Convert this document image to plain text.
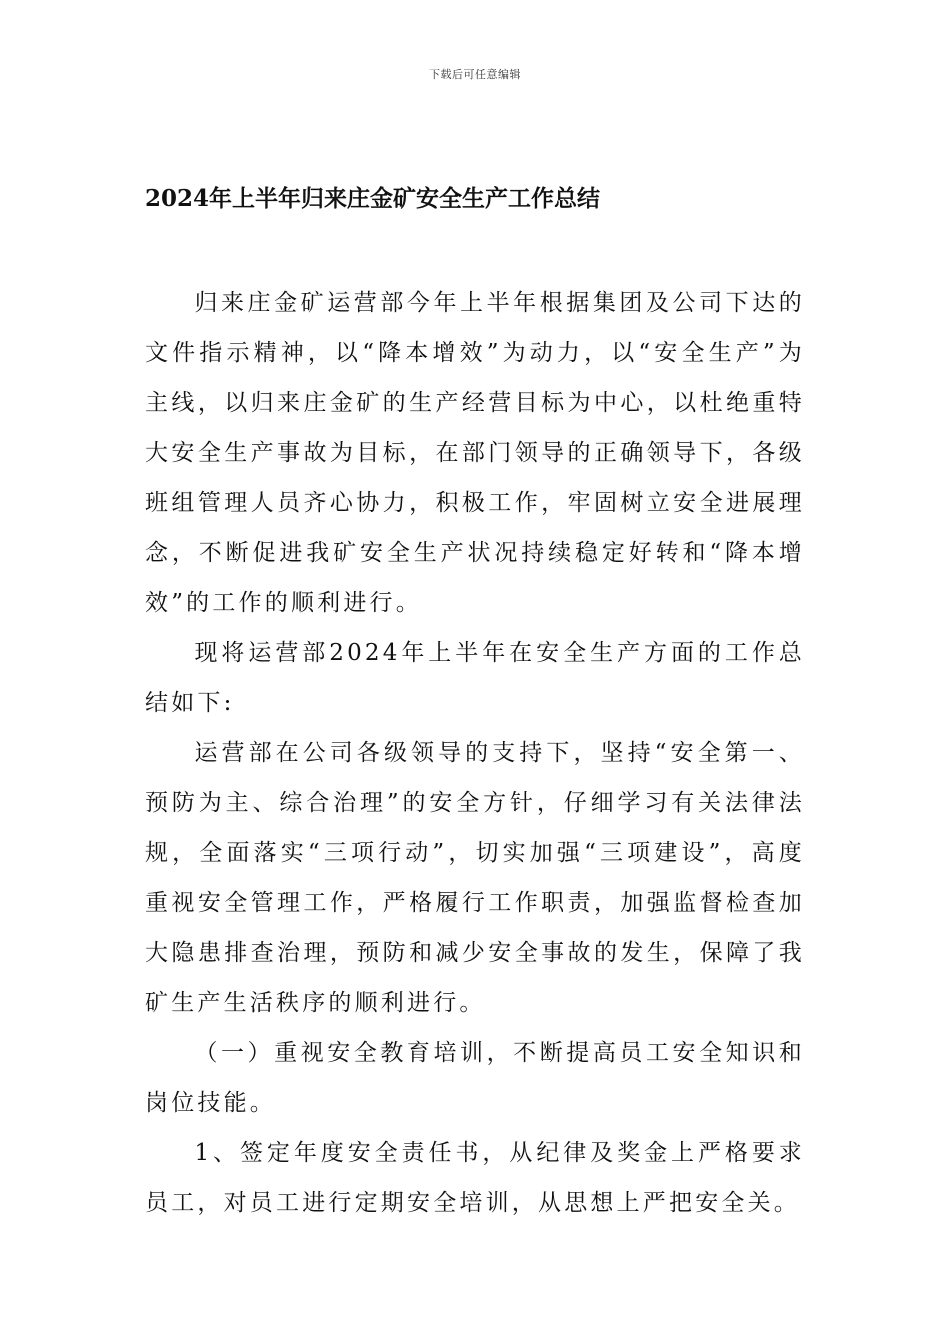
下载后可任意编辑
2024年上半年归来庄金矿安全生产工作总结

归来庄金矿运营部今年上半年根据集团及公司下达的文件指示精神，以“降本增效”为动力，以“安全生产”为主线，以归来庄金矿的生产经营目标为中心，以杜绝重特大安全生产事故为目标，在部门领导的正确领导下，各级班组管理人员齐心协力，积极工作，牢固树立安全进展理念，不断促进我矿安全生产状况持续稳定好转和“降本增效”的工作的顺利进行。

现将运营部2024年上半年在安全生产方面的工作总结如下:

运营部在公司各级领导的支持下，坚持“安全第一、预防为主、综合治理”的安全方针，仔细学习有关法律法规，全面落实“三项行动”，切实加强“三项建设”，高度重视安全管理工作，严格履行工作职责，加强监督检查加大隐患排查治理，预防和减少安全事故的发生，保障了我矿生产生活秩序的顺利进行。

（一）重视安全教育培训，不断提高员工安全知识和岗位技能。

1、签定年度安全责任书，从纪律及奖金上严格要求员工，对员工进行定期安全培训，从思想上严把安全关。
